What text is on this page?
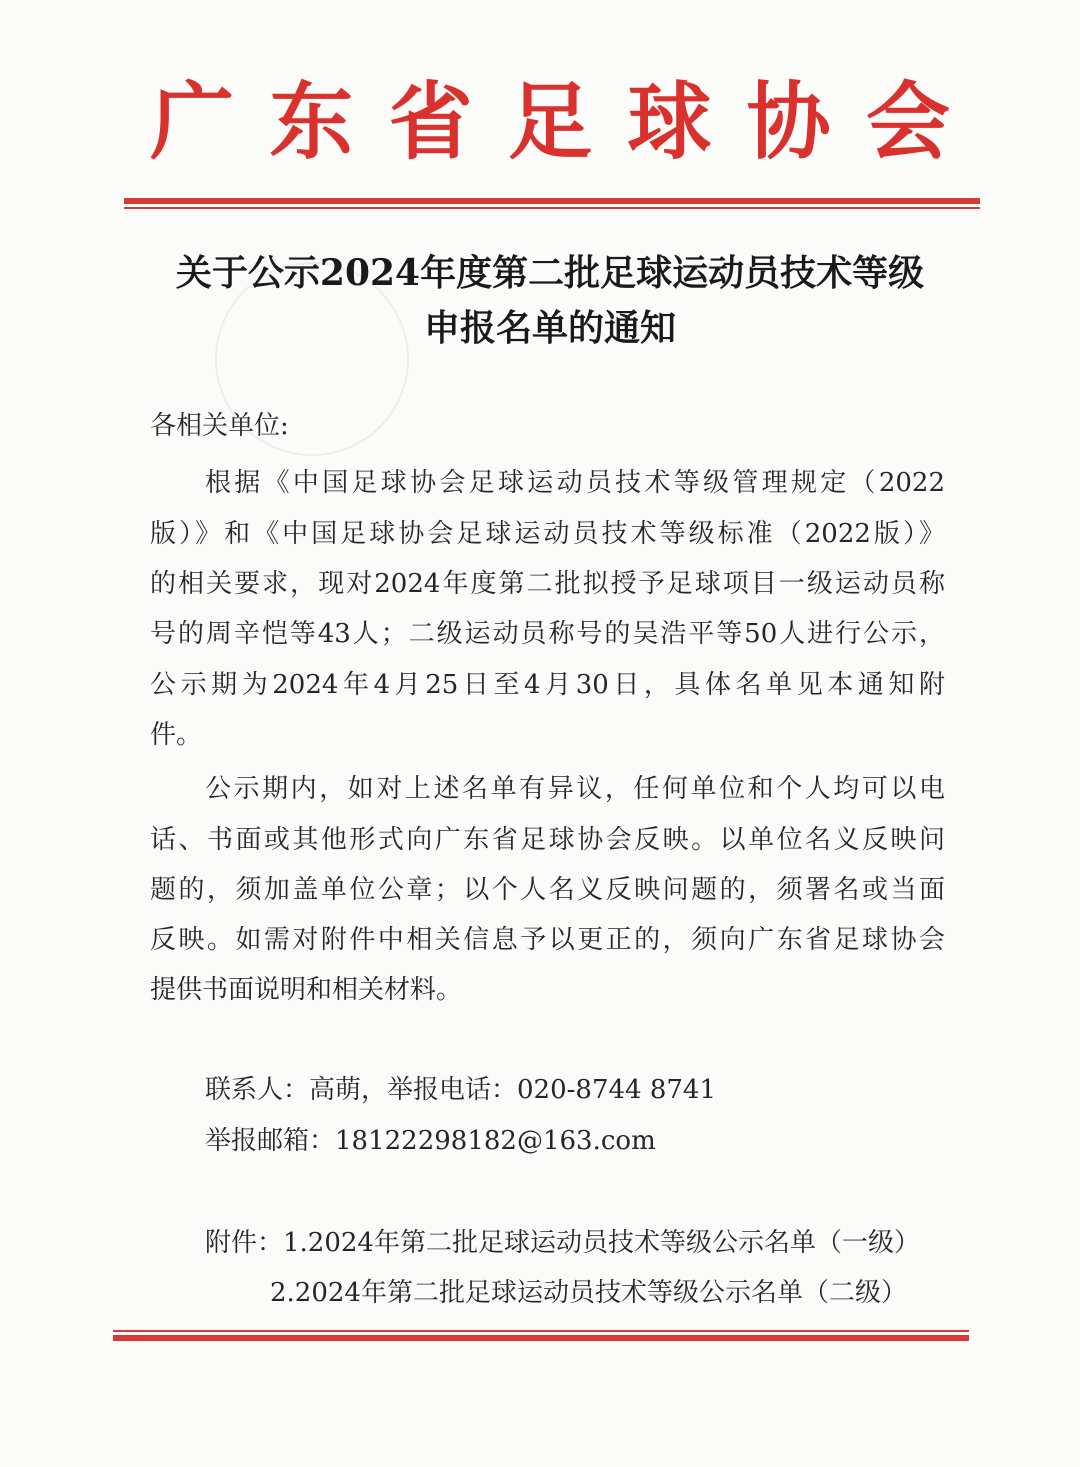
广 东 省 足 球 协 会
关于公示2024年度第二批足球运动员技术等级
申报名单的通知
各相关单位:
根据《中国足球协会足球运动员技术等级管理规定（2022
版）》和《中国足球协会足球运动员技术等级标准（2022版）》
的相关要求，现对2024年度第二批拟授予足球项目一级运动员称
号的周辛恺等43人；二级运动员称号的吴浩平等50人进行公示，
公示期为2024年4月25日至4月30日，具体名单见本通知附
件。
公示期内，如对上述名单有异议，任何单位和个人均可以电
话、书面或其他形式向广东省足球协会反映。以单位名义反映问
题的，须加盖单位公章；以个人名义反映问题的，须署名或当面
反映。如需对附件中相关信息予以更正的，须向广东省足球协会
提供书面说明和相关材料。
联系人：高萌，举报电话：020-8744 8741
举报邮箱：18122298182@163.com
附件：1.2024年第二批足球运动员技术等级公示名单（一级）
2.2024年第二批足球运动员技术等级公示名单（二级）
